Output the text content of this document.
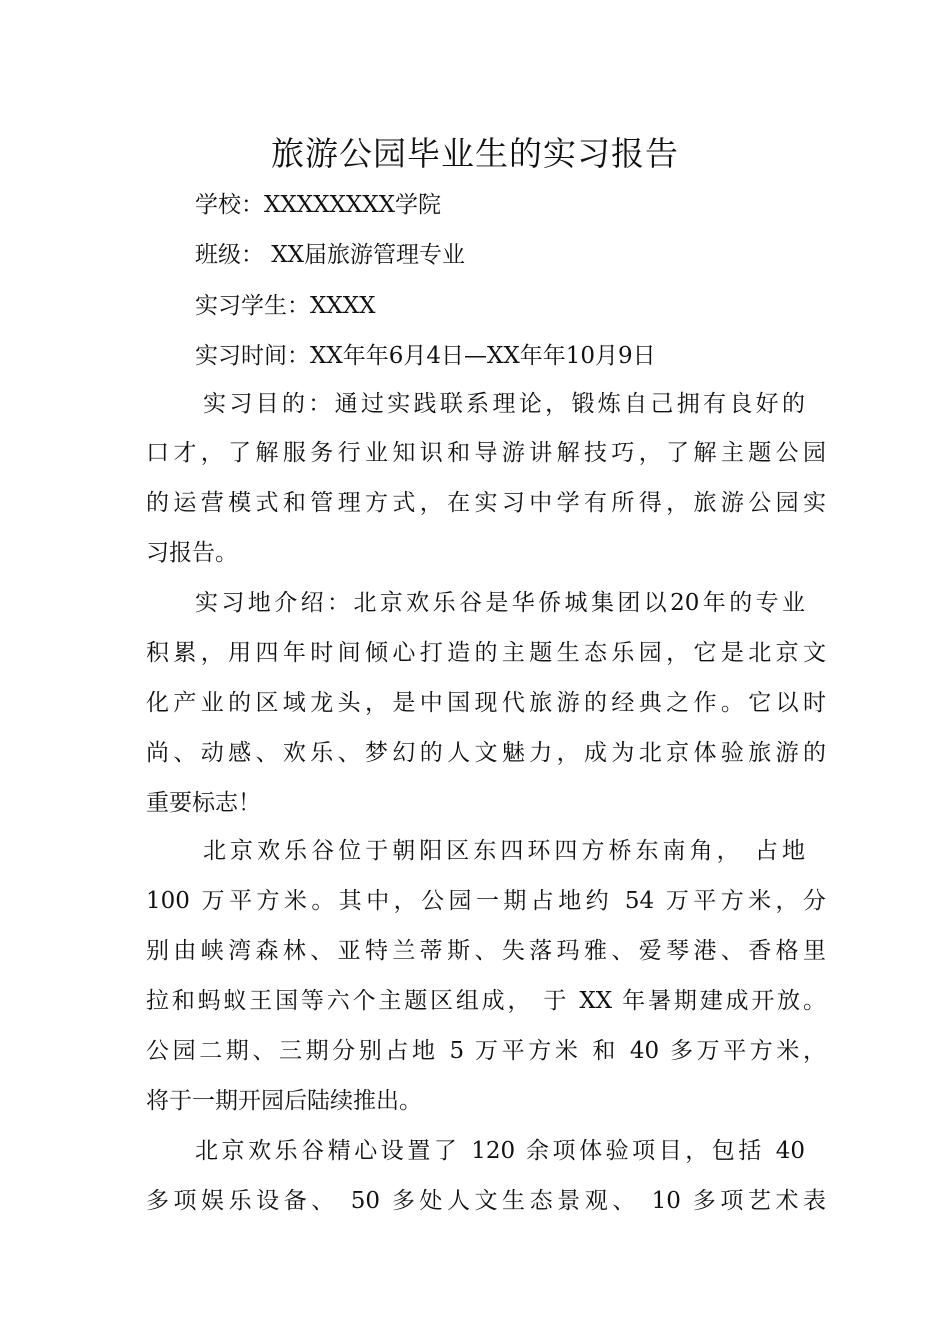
旅游公园毕业生的实习报告
学校：XXXXXXXX学院
班级： XX届旅游管理专业
实习学生：XXXX
实习时间：XX年年6月4日—XX年年10月9日
实习目的：通过实践联系理论，锻炼自己拥有良好的
口才，了解服务行业知识和导游讲解技巧，了解主题公园
的运营模式和管理方式，在实习中学有所得，旅游公园实
习报告。
实习地介绍：北京欢乐谷是华侨城集团以20年的专业
积累，用四年时间倾心打造的主题生态乐园，它是北京文
化产业的区域龙头，是中国现代旅游的经典之作。它以时
尚、动感、欢乐、梦幻的人文魅力，成为北京体验旅游的
重要标志！
北京欢乐谷位于朝阳区东四环四方桥东南角， 占地
100 万平方米。其中，公园一期占地约 54 万平方米，分
别由峡湾森林、亚特兰蒂斯、失落玛雅、爱琴港、香格里
拉和蚂蚁王国等六个主题区组成， 于 XX 年暑期建成开放。
公园二期、三期分别占地 5 万平方米 和 40 多万平方米，
将于一期开园后陆续推出。
北京欢乐谷精心设置了 120 余项体验项目，包括 40
多项娱乐设备、 50 多处人文生态景观、 10 多项艺术表
